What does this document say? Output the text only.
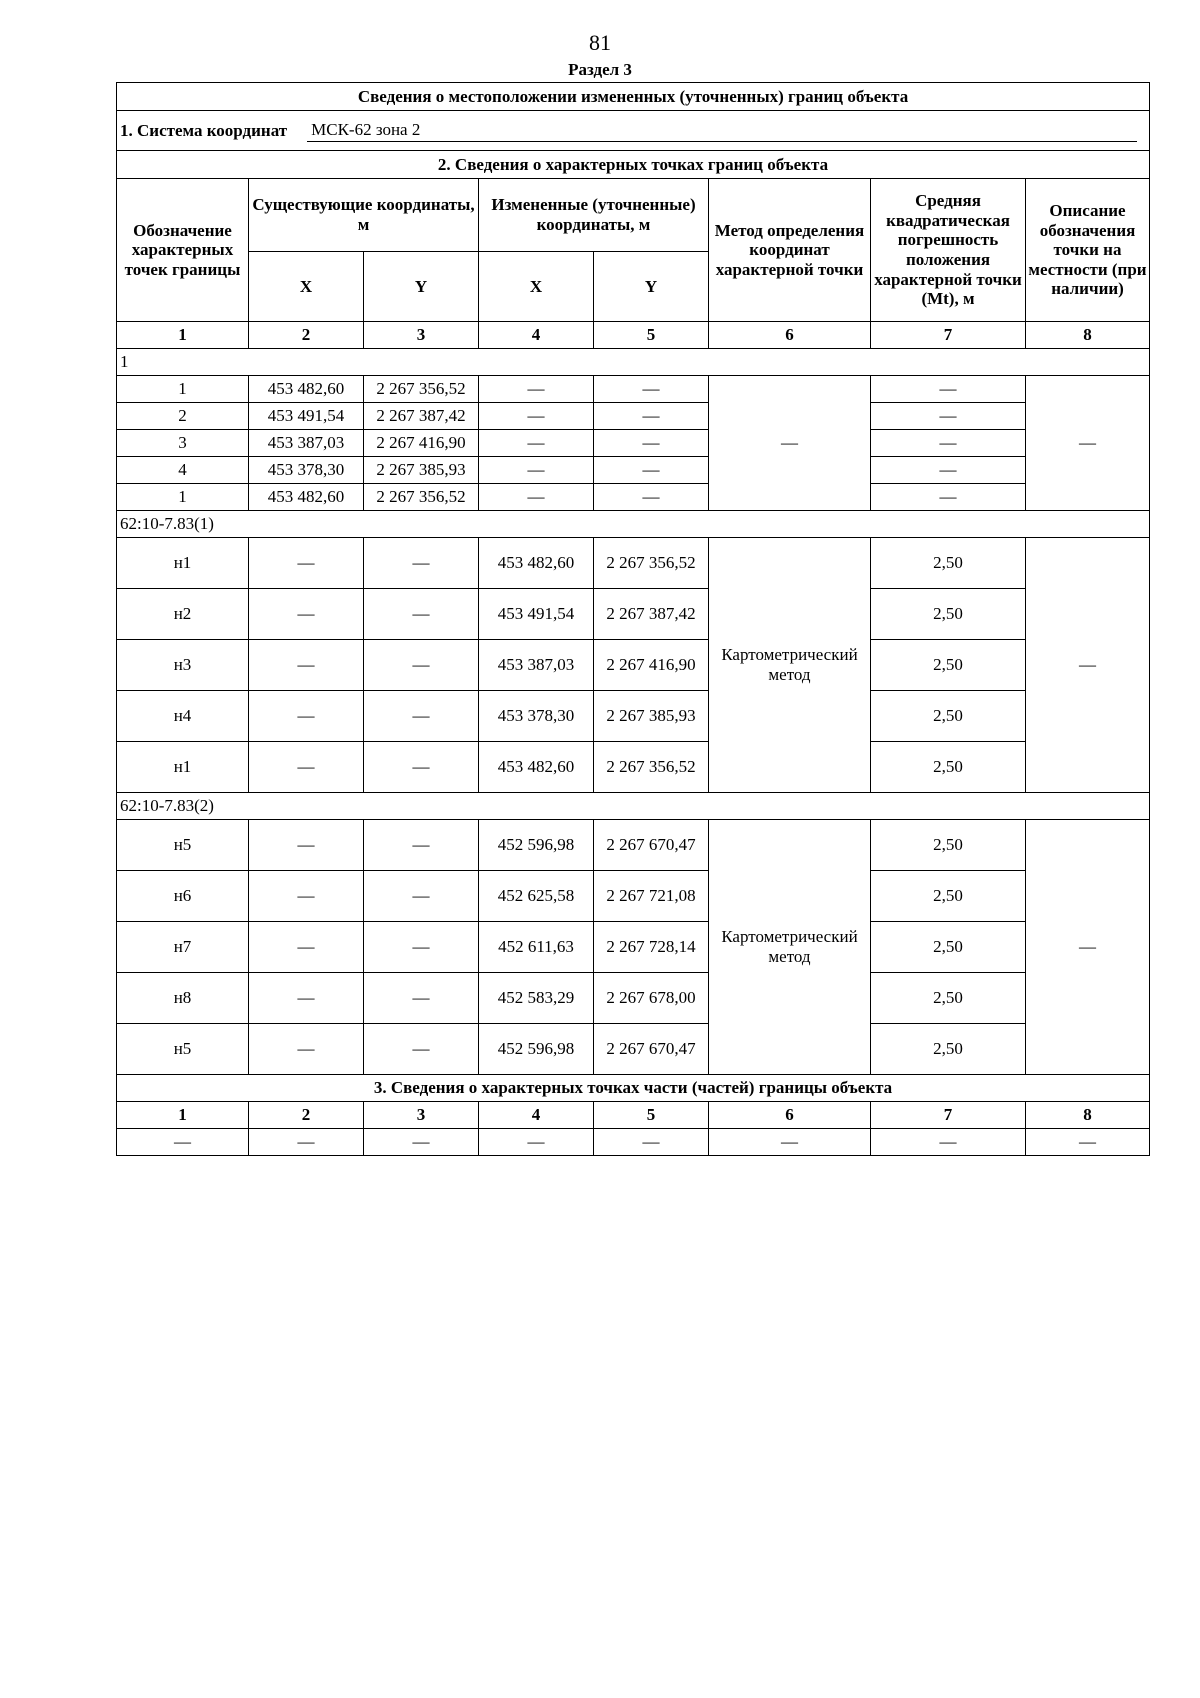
81
Раздел 3
Сведения о местоположении измененных (уточненных) границ объекта							

1. Система координат МСК-62 зона 2							

2. Сведения о характерных точках границ объекта							
Обозначение характерных точек границы	Существующие координаты, м		Измененные (уточненные) координаты, м		Метод определения координат характерной точки	Средняя квадратическая погрешность положения характерной точки (Mt), м	Описание обозначения точки на местности (при наличии)
	X	Y	X	Y			
1	2	3	4	5	6	7	8
1							
1	453 482,60	2 267 356,52	—	—	—	—	—
2	453 491,54	2 267 387,42	—	—		—	
3	453 387,03	2 267 416,90	—	—		—	
4	453 378,30	2 267 385,93	—	—		—	
1	453 482,60	2 267 356,52	—	—		—	
62:10-7.83(1)							
н1	—	—	453 482,60	2 267 356,52	Картометрический метод	2,50	—
н2	—	—	453 491,54	2 267 387,42		2,50	
н3	—	—	453 387,03	2 267 416,90		2,50	
н4	—	—	453 378,30	2 267 385,93		2,50	
н1	—	—	453 482,60	2 267 356,52		2,50	
62:10-7.83(2)							
н5	—	—	452 596,98	2 267 670,47	Картометрический метод	2,50	—
н6	—	—	452 625,58	2 267 721,08		2,50	
н7	—	—	452 611,63	2 267 728,14		2,50	
н8	—	—	452 583,29	2 267 678,00		2,50	
н5	—	—	452 596,98	2 267 670,47		2,50	
3. Сведения о характерных точках части (частей) границы объекта							
1	2	3	4	5	6	7	8
—	—	—	—	—	—	—	—
